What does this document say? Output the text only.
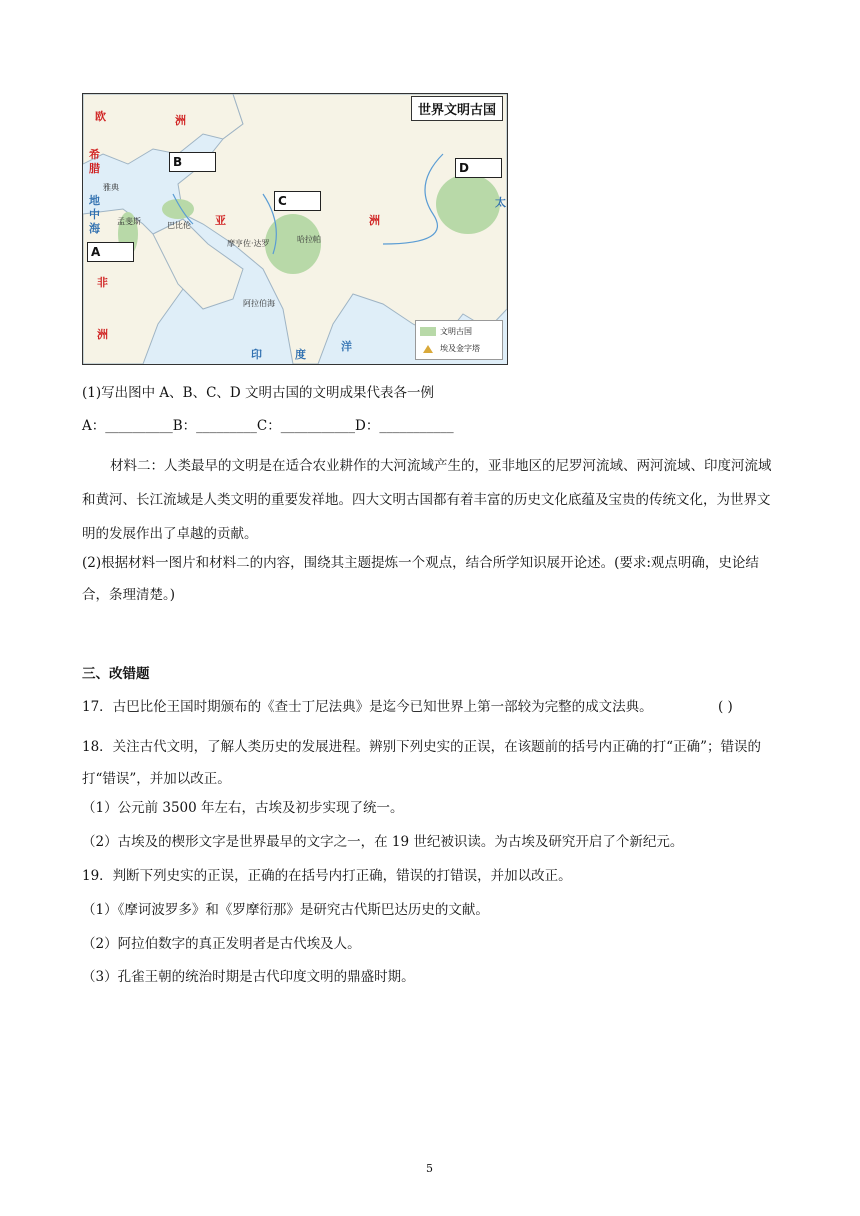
世界文明古国
A
B
C
D
欧	洲
亚	洲
非
洲
印	度
洋
希
腊
地
中
海
太
雅典
孟斐斯	巴比伦
摩亨佐·达罗	哈拉帕
阿拉伯海
文明古国
埃及金字塔
(1)写出图中 A、B、C、D 文明古国的文明成果代表各一例
A：__________B：_________C：___________D：___________
材料二：人类最早的文明是在适合农业耕作的大河流域产生的，亚非地区的尼罗河流域、两河流域、印度河流域和黄河、长江流域是人类文明的重要发祥地。四大文明古国都有着丰富的历史文化底蕴及宝贵的传统文化，为世界文明的发展作出了卓越的贡献。
(2)根据材料一图片和材料二的内容，围绕其主题提炼一个观点，结合所学知识展开论述。(要求:观点明确，史论结合，条理清楚。)
三、改错题
17．古巴比伦王国时期颁布的《查士丁尼法典》是迄今已知世界上第一部较为完整的成文法典。	( )
18．关注古代文明，了解人类历史的发展进程。辨别下列史实的正误，在该题前的括号内正确的打“正确”；错误的打“错误”，并加以改正。
（1）公元前 3500 年左右，古埃及初步实现了统一。
（2）古埃及的楔形文字是世界最早的文字之一，在 19 世纪被识读。为古埃及研究开启了个新纪元。
19．判断下列史实的正误，正确的在括号内打正确，错误的打错误，并加以改正。
（1）《摩诃波罗多》和《罗摩衍那》是研究古代斯巴达历史的文献。
（2）阿拉伯数字的真正发明者是古代埃及人。
（3）孔雀王朝的统治时期是古代印度文明的鼎盛时期。
5
